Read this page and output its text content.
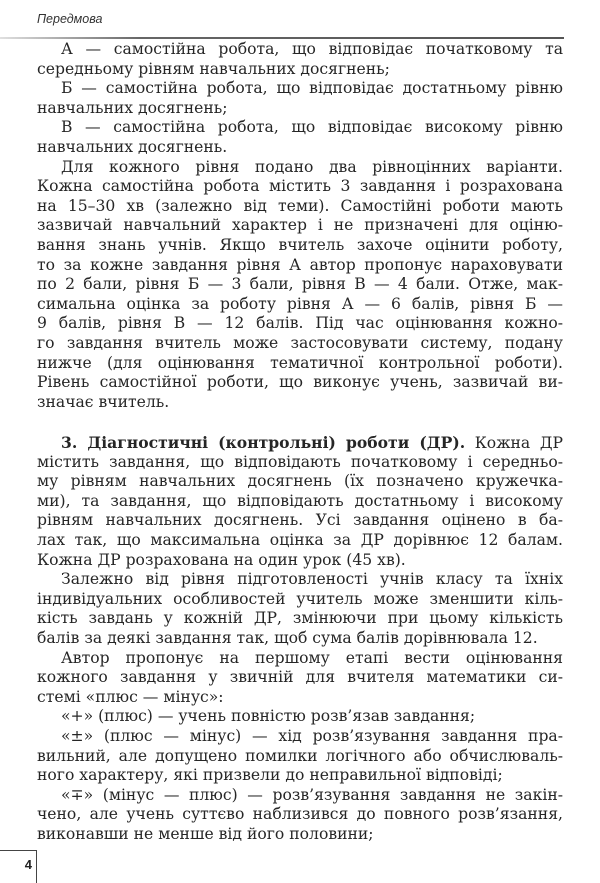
Передмова
А — самостійна робота, що відповідає початковому та
середньому рівням навчальних досягнень;
Б — самостійна робота, що відповідає достатньому рівню
навчальних досягнень;
В — самостійна робота, що відповідає високому рівню
навчальних досягнень.
Для кожного рівня подано два рівноцінних варіанти.
Кожна самостійна робота містить 3 завдання і розрахована
на 15–30 хв (залежно від теми). Самостійні роботи мають
зазвичай навчальний характер і не призначені для оціню-
вання знань учнів. Якщо вчитель захоче оцінити роботу,
то за кожне завдання рівня А автор пропонує нараховувати
по 2 бали, рівня Б — 3 бали, рівня В — 4 бали. Отже, мак-
симальна оцінка за роботу рівня А — 6 балів, рівня Б —
9 балів, рівня В — 12 балів. Під час оцінювання кожно-
го завдання вчитель може застосовувати систему, подану
нижче (для оцінювання тематичної контрольної роботи).
Рівень самостійної роботи, що виконує учень, зазвичай ви-
значає вчитель.
3. Діагностичні (контрольні) роботи (ДР). Кожна ДР
містить завдання, що відповідають початковому і середньо-
му рівням навчальних досягнень (їх позначено кружечка-
ми), та завдання, що відповідають достатньому і високому
рівням навчальних досягнень. Усі завдання оцінено в ба-
лах так, що максимальна оцінка за ДР дорівнює 12 балам.
Кожна ДР розрахована на один урок (45 хв).
Залежно від рівня підготовленості учнів класу та їхніх
індивідуальних особливостей учитель може зменшити кіль-
кість завдань у кожній ДР, змінюючи при цьому кількість
балів за деякі завдання так, щоб сума балів дорівнювала 12.
Автор пропонує на першому етапі вести оцінювання
кожного завдання у звичній для вчителя математики си-
стемі «плюс — мінус»:
«+» (плюс) — учень повністю розв’язав завдання;
«±» (плюс — мінус) — хід розв’язування завдання пра-
вильний, але допущено помилки логічного або обчислюваль-
ного характеру, які призвели до неправильної відповіді;
«∓» (мінус — плюс) — розв’язування завдання не закін-
чено, але учень суттєво наблизився до повного розв’язання,
виконавши не менше від його половини;
4
